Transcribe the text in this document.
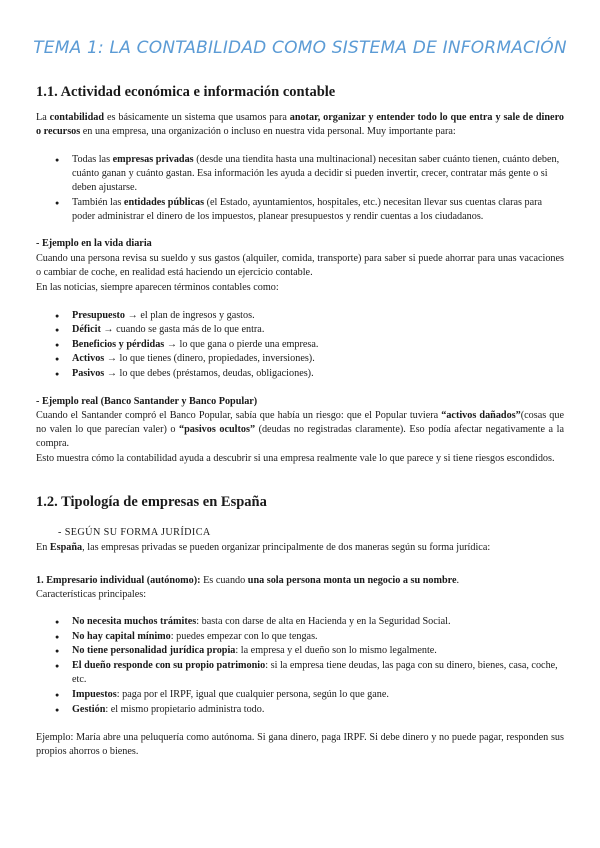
TEMA 1: LA CONTABILIDAD COMO SISTEMA DE INFORMACIÓN
1.1. Actividad económica e información contable
La contabilidad es básicamente un sistema que usamos para anotar, organizar y entender todo lo que entra y sale de dinero o recursos en una empresa, una organización o incluso en nuestra vida personal. Muy importante para:
● Todas las empresas privadas (desde una tiendita hasta una multinacional) necesitan saber cuánto tienen, cuánto deben, cuánto ganan y cuánto gastan. Esa información les ayuda a decidir si pueden invertir, crecer, contratar más gente o si deben ajustarse.
● También las entidades públicas (el Estado, ayuntamientos, hospitales, etc.) necesitan llevar sus cuentas claras para poder administrar el dinero de los impuestos, planear presupuestos y rendir cuentas a los ciudadanos.
- Ejemplo en la vida diaria
Cuando una persona revisa su sueldo y sus gastos (alquiler, comida, transporte) para saber si puede ahorrar para unas vacaciones o cambiar de coche, en realidad está haciendo un ejercicio contable.
En las noticias, siempre aparecen términos contables como:
● Presupuesto → el plan de ingresos y gastos.
● Déficit → cuando se gasta más de lo que entra.
● Beneficios y pérdidas → lo que gana o pierde una empresa.
● Activos → lo que tienes (dinero, propiedades, inversiones).
● Pasivos → lo que debes (préstamos, deudas, obligaciones).
- Ejemplo real (Banco Santander y Banco Popular)
Cuando el Santander compró el Banco Popular, sabía que había un riesgo: que el Popular tuviera “activos dañados”(cosas que no valen lo que parecían valer) o “pasivos ocultos” (deudas no registradas claramente). Eso podía afectar negativamente a la compra.
Esto muestra cómo la contabilidad ayuda a descubrir si una empresa realmente vale lo que parece y si tiene riesgos escondidos.
1.2. Tipología de empresas en España
- SEGÚN SU FORMA JURÍDICA
En España, las empresas privadas se pueden organizar principalmente de dos maneras según su forma jurídica:
1. Empresario individual (autónomo): Es cuando una sola persona monta un negocio a su nombre.
Características principales:
● No necesita muchos trámites: basta con darse de alta en Hacienda y en la Seguridad Social.
● No hay capital mínimo: puedes empezar con lo que tengas.
● No tiene personalidad jurídica propia: la empresa y el dueño son lo mismo legalmente.
● El dueño responde con su propio patrimonio: si la empresa tiene deudas, las paga con su dinero, bienes, casa, coche, etc.
● Impuestos: paga por el IRPF, igual que cualquier persona, según lo que gane.
● Gestión: el mismo propietario administra todo.
Ejemplo: María abre una peluquería como autónoma. Si gana dinero, paga IRPF. Si debe dinero y no puede pagar, responden sus propios ahorros o bienes.
